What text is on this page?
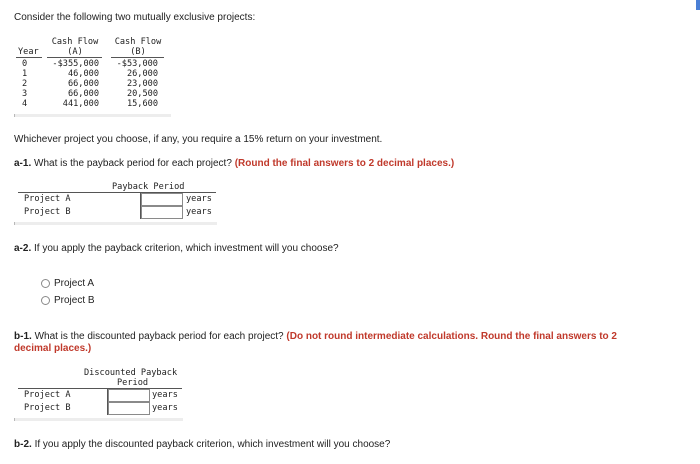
Consider the following two mutually exclusive projects:
Cash Flow	Cash Flow
Year	(A)	(B)
0	-$355,000	-$53,000
1	46,000	26,000
2	66,000	23,000
3	66,000	20,500
4	441,000	15,600
Whichever project you choose, if any, you require a 15% return on your investment.
a-1. What is the payback period for each project? (Round the final answers to 2 decimal places.)
Payback Period
Project A	years
Project B	years
a-2. If you apply the payback criterion, which investment will you choose?
Project A
Project B
b-1. What is the discounted payback period for each project? (Do not round intermediate calculations. Round the final answers to 2
decimal places.)
Discounted Payback
Period
Project A	years
Project B	years
b-2. If you apply the discounted payback criterion, which investment will you choose?
